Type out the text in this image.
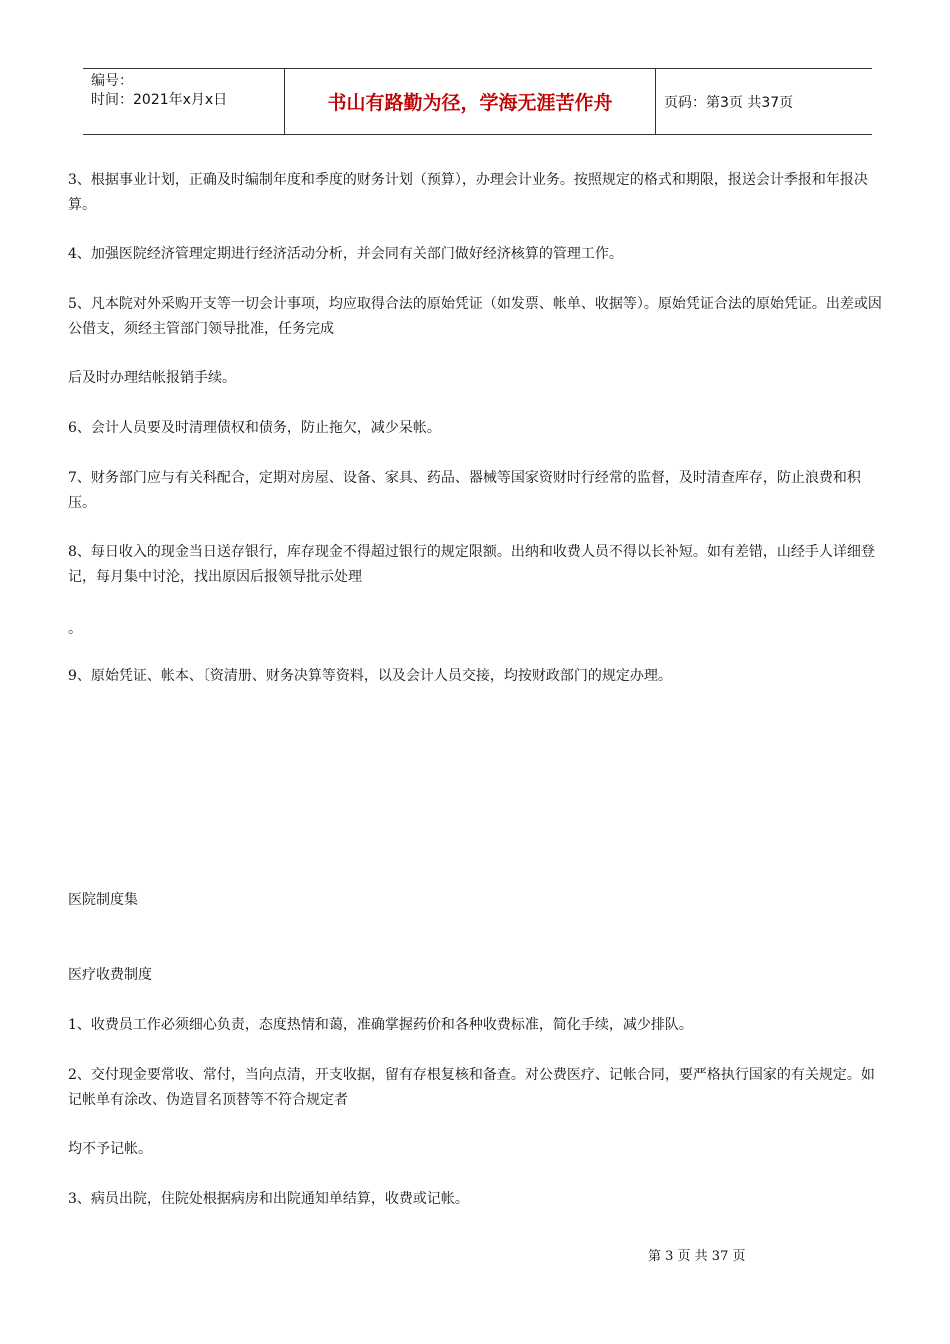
编号：
时间：2021年x月x日	书山有路勤为径，学海无涯苦作舟	页码：第3页 共37页

3、根据事业计划，正确及时编制年度和季度的财务计划（预算），办理会计业务。按照规定的格式和期限，报送会计季报和年报决算。

4、加强医院经济管理定期进行经济活动分析，并会同有关部门做好经济核算的管理工作。

5、凡本院对外采购开支等一切会计事项，均应取得合法的原始凭证（如发票、帐单、收据等）。原始凭证合法的原始凭证。出差或因公借支，须经主管部门领导批准，任务完成

后及时办理结帐报销手续。

6、会计人员要及时清理债权和债务，防止拖欠，减少呆帐。

7、财务部门应与有关科配合，定期对房屋、设备、家具、药品、器械等国家资财时行经常的监督，及时清查库存，防止浪费和积压。

8、每日收入的现金当日送存银行，库存现金不得超过银行的规定限额。出纳和收费人员不得以长补短。如有差错，山经手人详细登记，每月集中讨沦，找出原因后报领导批示处理

。

9、原始凭证、帐本、〔资清册、财务决算等资料，以及会计人员交接，均按财政部门的规定办理。

医院制度集

医疗收费制度

1、收费员工作必须细心负责，态度热情和蔼，准确掌握药价和各种收费标准，简化手续，减少排队。

2、交付现金要常收、常付，当向点清，开支收据，留有存根复核和备查。对公费医疗、记帐合同，要严格执行国家的有关规定。如记帐单有涂改、伪造冒名顶替等不符合规定者

均不予记帐。

3、病员出院，住院处根据病房和出院通知单结算，收费或记帐。

第 3 页 共 37 页
